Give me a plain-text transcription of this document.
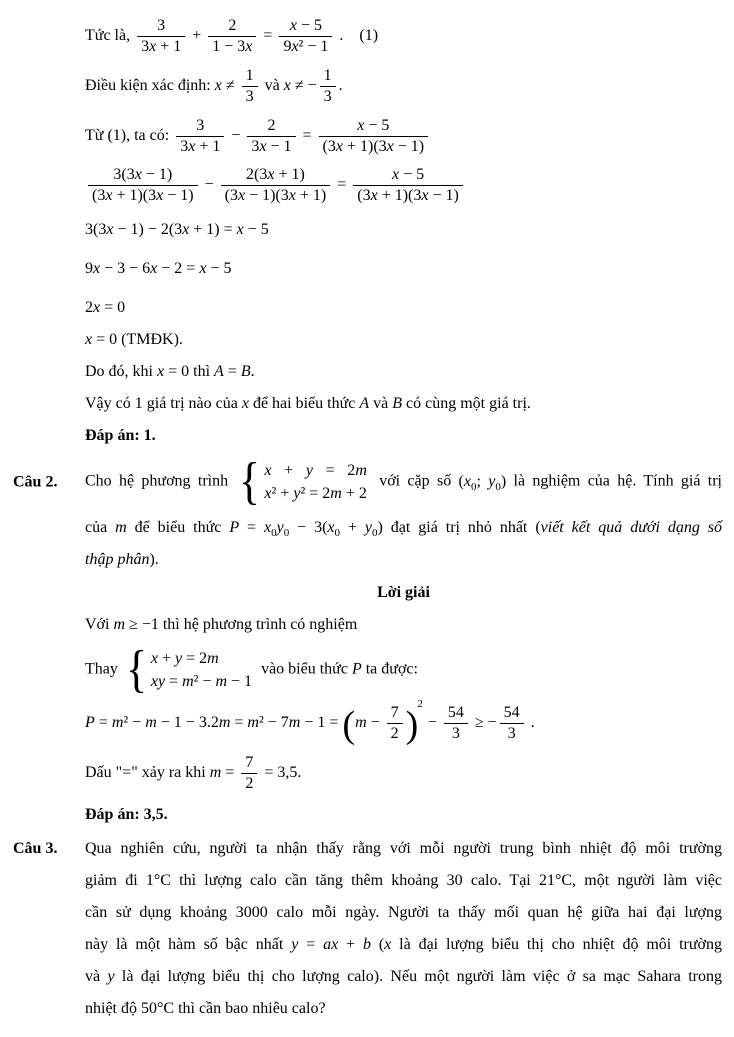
Tức là, $\frac{3}{3x + 1} + \frac{2}{1 - 3x} = \frac{x - 5}{\text{9x² − 1}}$ .    (1)
Điều kiện xác định: $x \ne \frac{1}{3}$ và x ≠ − $\frac{1}{3}$ .
Từ (1), ta có: $\frac{3}{3x + 1} - \frac{2}{3x - 1} = \frac{x - 5}{(3x + 1)(3x - 1)}$
$\frac{3(3x - 1)}{(3x + 1)(3x - 1)} - \frac{2(3x + 1)}{(3x - 1)(3x + 1)} = \frac{x - 5}{(3x + 1)(3x - 1)}$
3(3x − 1) − 2(3x + 1) = x − 5
9x − 3 − 6x − 2 = x − 5
2x = 0
x = 0 (TMĐK).
Do đó, khi x = 0 thì A = B.
Vậy có 1 giá trị nào của x để hai biểu thức A và B có cùng một giá trị.
Đáp án: 1.
Câu 2. Cho hệ phương trình { x + y = 2m
x² + y² = 2m + 2
với cặp số ($x_0$; $y_0$) là nghiệm của hệ. Tính giá trị
của m để biểu thức $P = x_0y_0 - 3(x_0 + y_0)$ đạt giá trị nhỏ nhất (viết kết quả dưới dạng số
thập phân).
Lời giải
Với m ≥ −1 thì hệ phương trình có nghiệm
Thay { x + y = 2m
xy = m² − m − 1
vào biểu thức P ta được:
$P = m^2 - m - 1 - 3.2m = m^2 - 7m - 1 = (m - \frac{7}{2} )^2 - \frac{54}{3}$ ≥ − $\frac{54}{3}$ .
Dấu "=" xảy ra khi $m = \frac{7}{2} = 3,5$.
Đáp án: 3,5.
Câu 3. Qua nghiên cứu, người ta nhận thấy rằng với mỗi người trung bình nhiệt độ môi trường
giảm đi 1°C thì lượng calo cần tăng thêm khoảng 30 calo. Tại 21°C, một người làm việc
cần sử dụng khoảng 3000 calo mỗi ngày. Người ta thấy mối quan hệ giữa hai đại lượng
này là một hàm số bậc nhất y = ax + b (x là đại lượng biểu thị cho nhiệt độ môi trường
và y là đại lượng biểu thị cho lượng calo). Nếu một người làm việc ở sa mạc Sahara trong
nhiệt độ 50°C thì cần bao nhiêu calo?
